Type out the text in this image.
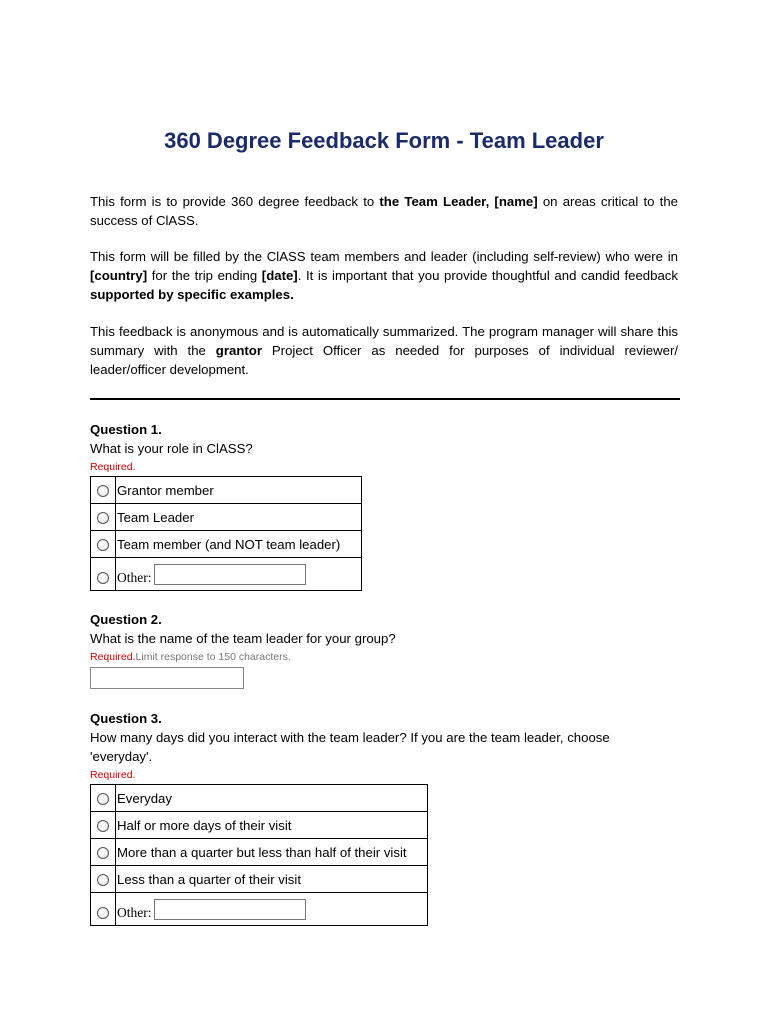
360 Degree Feedback Form - Team Leader
This form is to provide 360 degree feedback to the Team Leader, [name] on areas critical to the success of ClASS.
This form will be filled by the ClASS team members and leader (including self-review) who were in [country] for the trip ending [date]. It is important that you provide thoughtful and candid feedback supported by specific examples.
This feedback is anonymous and is automatically summarized. The program manager will share this summary with the grantor Project Officer as needed for purposes of individual reviewer/ leader/officer development.
Question 1.
What is your role in ClASS?
Required.
	Grantor member
	Team Leader
	Team member (and NOT team leader)
	Other:
Question 2.
What is the name of the team leader for your group?
Required.Limit response to 150 characters.
Question 3.
How many days did you interact with the team leader? If you are the team leader, choose 'everyday'.
Required.
	Everyday
	Half or more days of their visit
	More than a quarter but less than half of their visit
	Less than a quarter of their visit
	Other:
